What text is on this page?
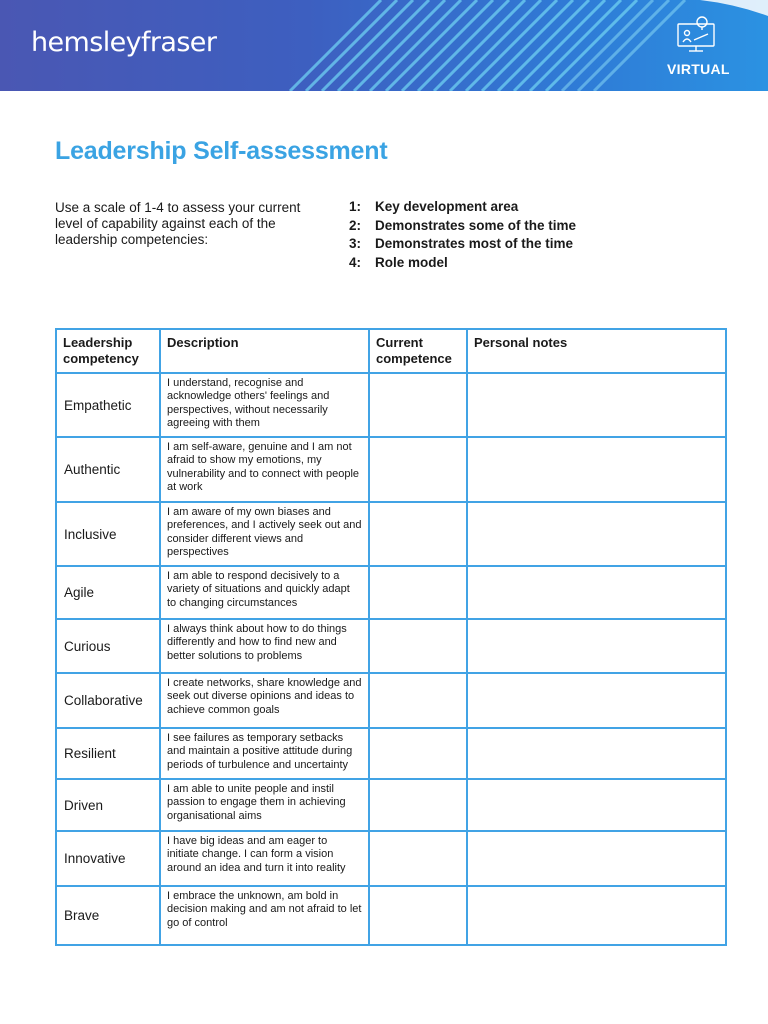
hemsleyfraser
VIRTUAL
Leadership Self-assessment
Use a scale of 1-4 to assess your current level of capability against each of the leadership competencies:
1: Key development area
2: Demonstrates some of the time
3: Demonstrates most of the time
4: Role model
Leadership competency	Description	Current competence	Personal notes
Empathetic	I understand, recognise and acknowledge others' feelings and perspectives, without necessarily agreeing with them		
Authentic	I am self-aware, genuine and I am not afraid to show my emotions, my vulnerability and to connect with people at work		
Inclusive	I am aware of my own biases and preferences, and I actively seek out and consider different views and perspectives		
Agile	I am able to respond decisively to a variety of situations and quickly adapt to changing circumstances		
Curious	I always think about how to do things differently and how to find new and better solutions to problems		
Collaborative	I create networks, share knowledge and seek out diverse opinions and ideas to achieve common goals		
Resilient	I see failures as temporary setbacks and maintain a positive attitude during periods of turbulence and uncertainty		
Driven	I am able to unite people and instil passion to engage them in achieving organisational aims		
Innovative	I have big ideas and am eager to initiate change. I can form a vision around an idea and turn it into reality		
Brave	I embrace the unknown, am bold in decision making and am not afraid to let go of control		
